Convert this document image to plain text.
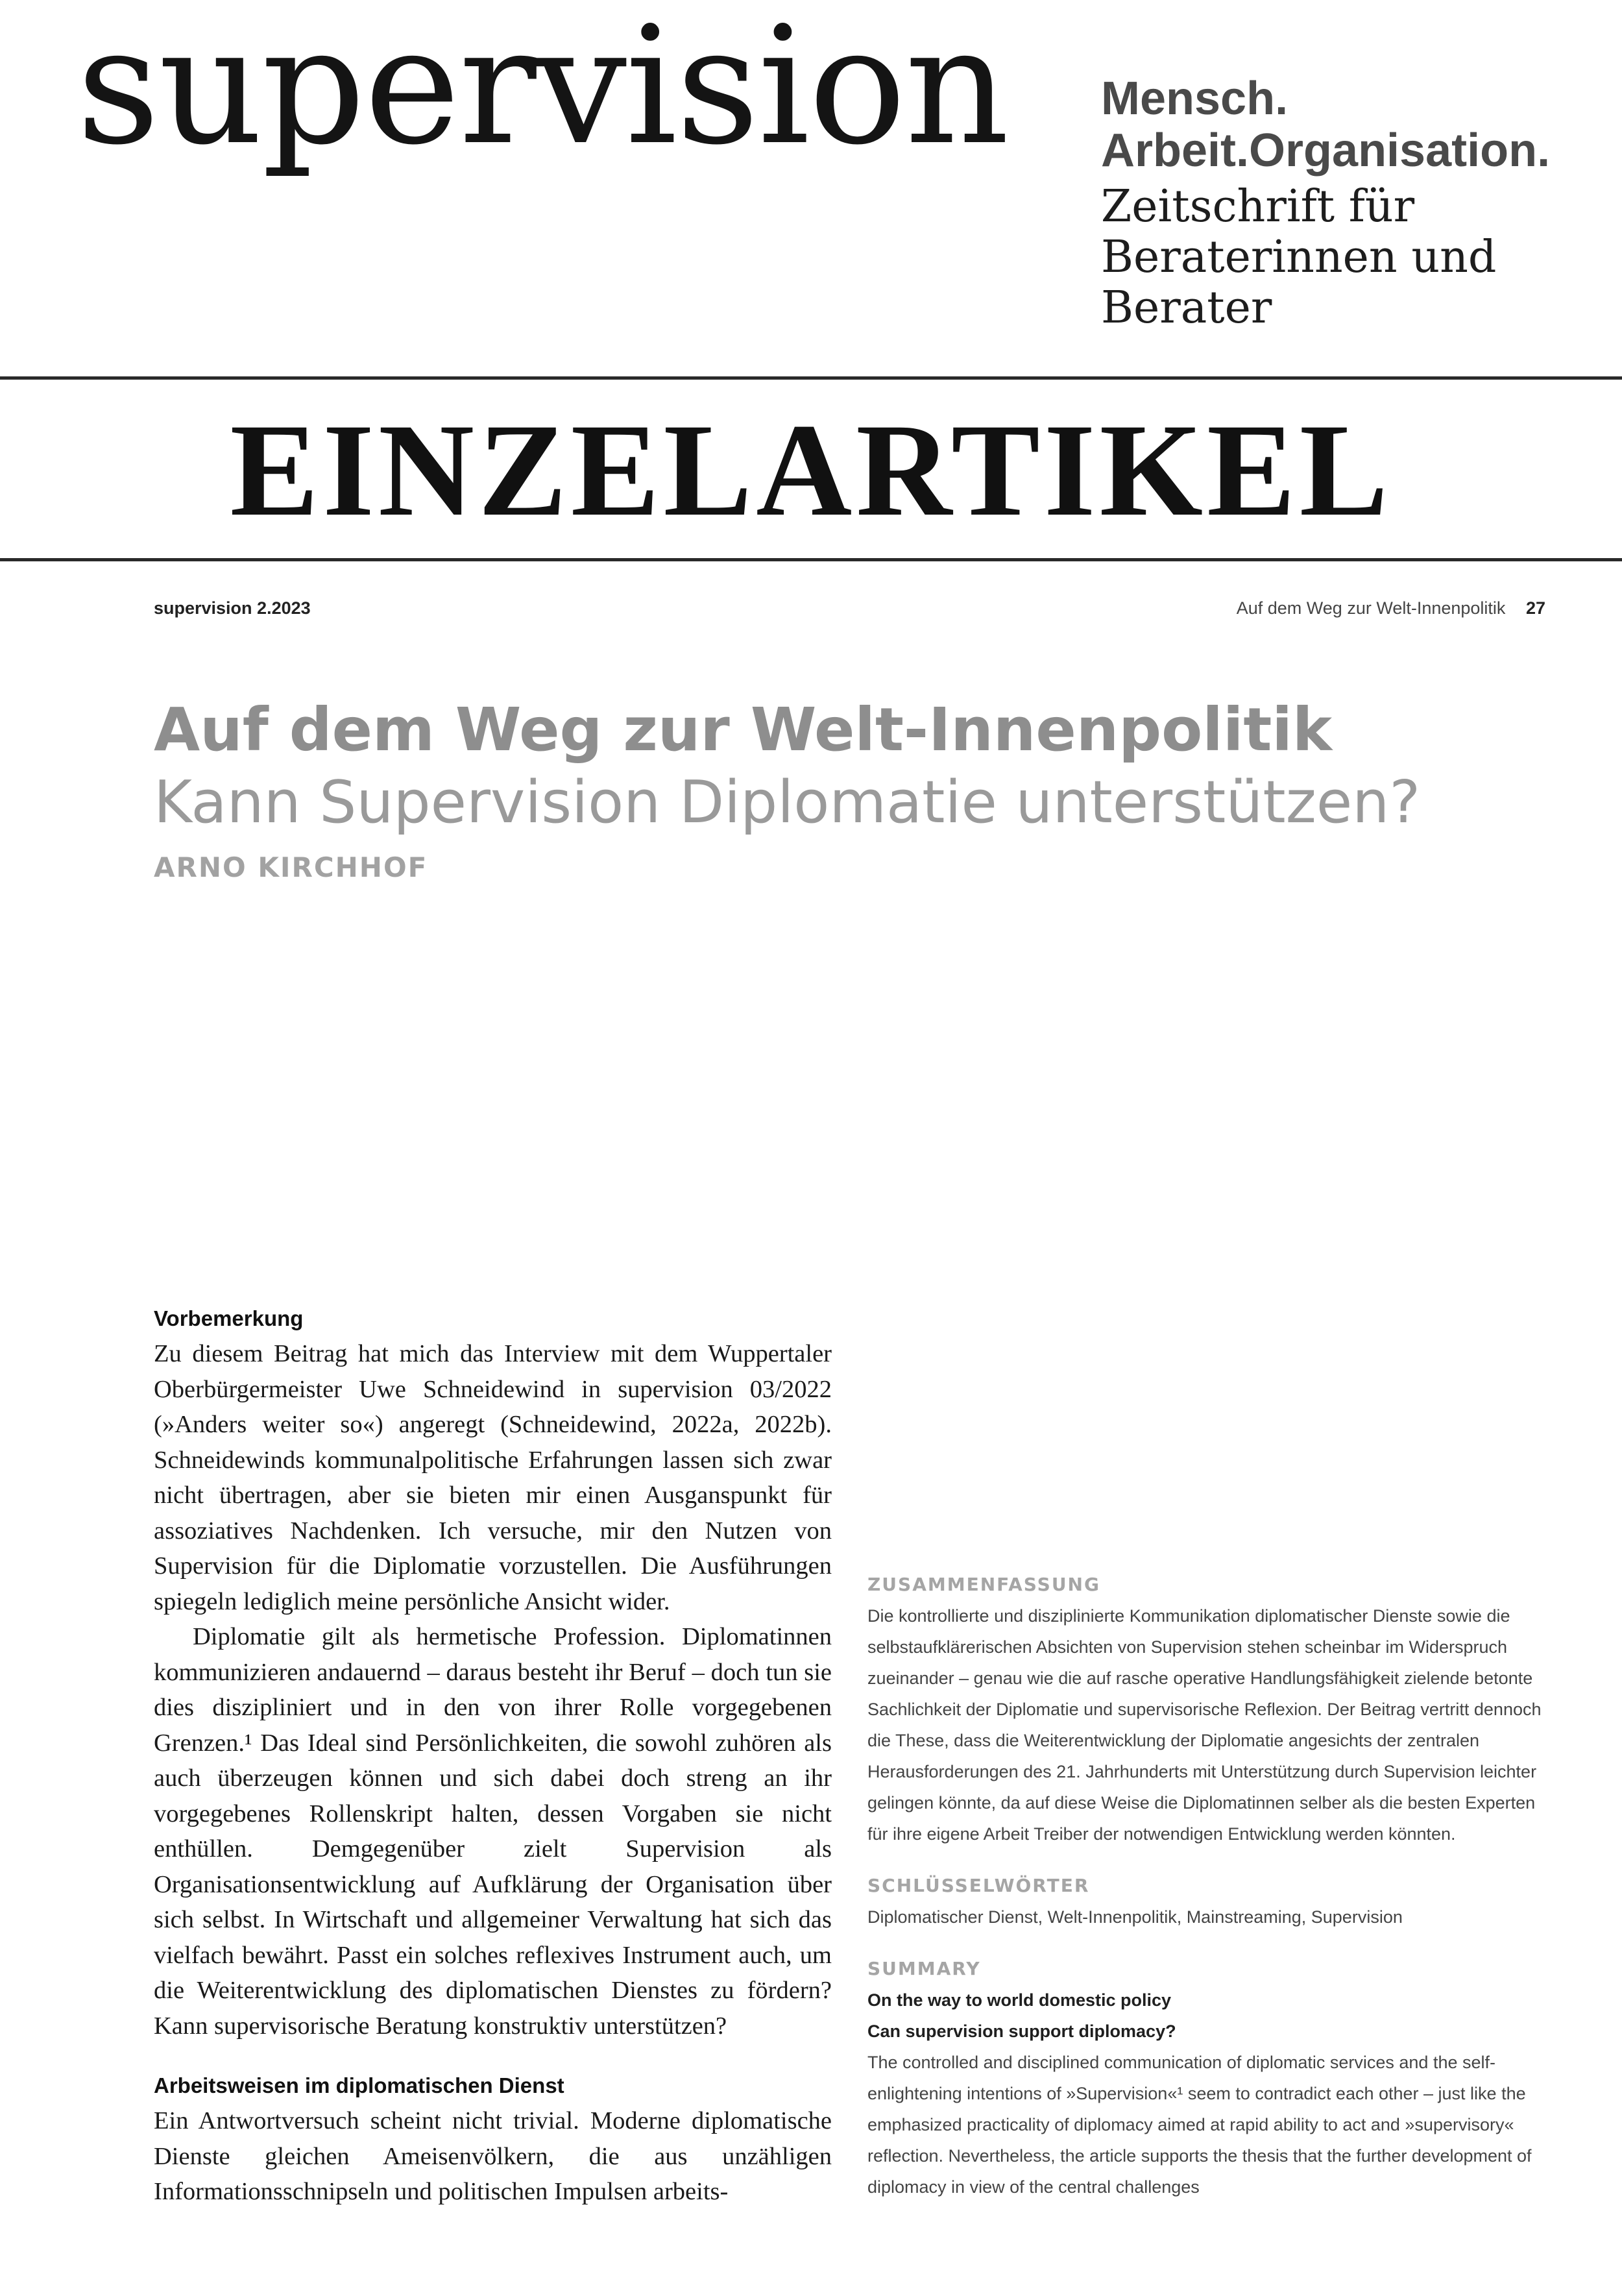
supervision Mensch.
Arbeit.Organisation.
Zeitschrift für
Beraterinnen und
Berater
EINZELARTIKEL
supervision 2.2023	Auf dem Weg zur Welt-Innenpolitik 27
Auf dem Weg zur Welt-Innenpolitik
Kann Supervision Diplomatie unterstützen?
ARNO KIRCHHOF
Vorbemerkung

Zu diesem Beitrag hat mich das Interview mit dem Wuppertaler Oberbürgermeister Uwe Schneidewind in supervision 03/2022 (»Anders weiter so«) angeregt (Schneidewind, 2022a, 2022b). Schneidewinds kommunalpolitische Erfahrungen lassen sich zwar nicht übertragen, aber sie bieten mir einen Ausganspunkt für assoziatives Nachdenken. Ich versuche, mir den Nutzen von Supervision für die Diplomatie vorzustellen. Die Ausführungen spiegeln lediglich meine persönliche Ansicht wider.

Diplomatie gilt als hermetische Profession. Diplomatinnen kommunizieren andauernd – daraus besteht ihr Beruf – doch tun sie dies diszipliniert und in den von ihrer Rolle vorgegebenen Grenzen.¹ Das Ideal sind Persönlichkeiten, die sowohl zuhören als auch überzeugen können und sich dabei doch streng an ihr vorgegebenes Rollenskript halten, dessen Vorgaben sie nicht enthüllen. Demgegenüber zielt Supervision als Organisationsentwicklung auf Aufklärung der Organisation über sich selbst. In Wirtschaft und allgemeiner Verwaltung hat sich das vielfach bewährt. Passt ein solches reflexives Instrument auch, um die Weiterentwicklung des diplomatischen Dienstes zu fördern? Kann supervisorische Beratung konstruktiv unterstützen?

Arbeitsweisen im diplomatischen Dienst

Ein Antwortversuch scheint nicht trivial. Moderne diplomatische Dienste gleichen Ameisenvölkern, die aus unzähligen Informationsschnipseln und politischen Impulsen arbeits-

ZUSAMMENFASSUNG

Die kontrollierte und disziplinierte Kommunikation diplomatischer Dienste sowie die selbstaufklärerischen Absichten von Supervision stehen scheinbar im Widerspruch zueinander – genau wie die auf rasche operative Handlungsfähigkeit zielende betonte Sachlichkeit der Diplomatie und supervisorische Reflexion. Der Beitrag vertritt dennoch die These, dass die Weiterentwicklung der Diplomatie angesichts der zentralen Herausforderungen des 21. Jahrhunderts mit Unterstützung durch Supervision leichter gelingen könnte, da auf diese Weise die Diplomatinnen selber als die besten Experten für ihre eigene Arbeit Treiber der notwendigen Entwicklung werden könnten.

SCHLÜSSELWÖRTER

Diplomatischer Dienst, Welt-Innenpolitik, Mainstreaming, Supervision

SUMMARY

On the way to world domestic policy

Can supervision support diplomacy?

The controlled and disciplined communication of diplomatic services and the self-enlightening intentions of »Supervision«¹ seem to contradict each other – just like the emphasized practicality of diplomacy aimed at rapid ability to act and »supervisory« reflection. Nevertheless, the article supports the thesis that the further development of diplomacy in view of the central challenges
